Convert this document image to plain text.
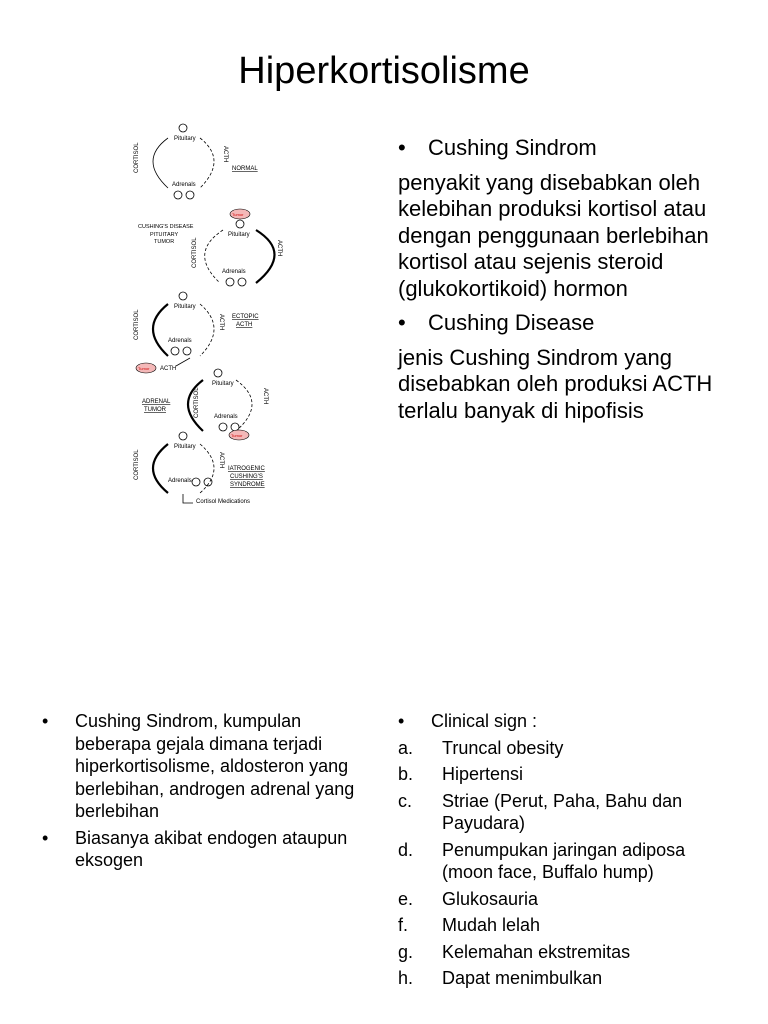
Hiperkortisolisme
Pituitary
CORTISOL	ACTH
NORMAL
Adrenals
Tumor
Pituitary
CORTISOL	ACTH
CUSHING'S DISEASE
PITUITARY
TUMOR
Adrenals
Pituitary
CORTISOL	ACTH ECTOPIC
ACTH
Adrenals
Tumor ACTH
Pituitary
CORTISOL	ACTH
ADRENAL
TUMOR
Adrenals
Tumor
Pituitary
CORTISOL	ACTH
Adrenals
IATROGENIC
CUSHING'S
SYNDROME
Cortisol Medications
•	Cushing Sindrom
penyakit yang disebabkan oleh kelebihan produksi kortisol atau dengan penggunaan berlebihan kortisol atau sejenis steroid (glukokortikoid) hormon
•	Cushing Disease
jenis Cushing Sindrom yang disebabkan oleh produksi ACTH terlalu banyak di hipofisis
•	Cushing Sindrom, kumpulan beberapa gejala dimana terjadi hiperkortisolisme, aldosteron yang berlebihan, androgen adrenal yang berlebihan
•	Biasanya akibat endogen ataupun eksogen
•	Clinical sign :
a.	Truncal obesity
b.	Hipertensi
c.	Striae (Perut, Paha, Bahu dan Payudara)
d.	Penumpukan jaringan adiposa (moon face, Buffalo hump)
e.	Glukosauria
f.	Mudah lelah
g.	Kelemahan ekstremitas
h.	Dapat menimbulkan
